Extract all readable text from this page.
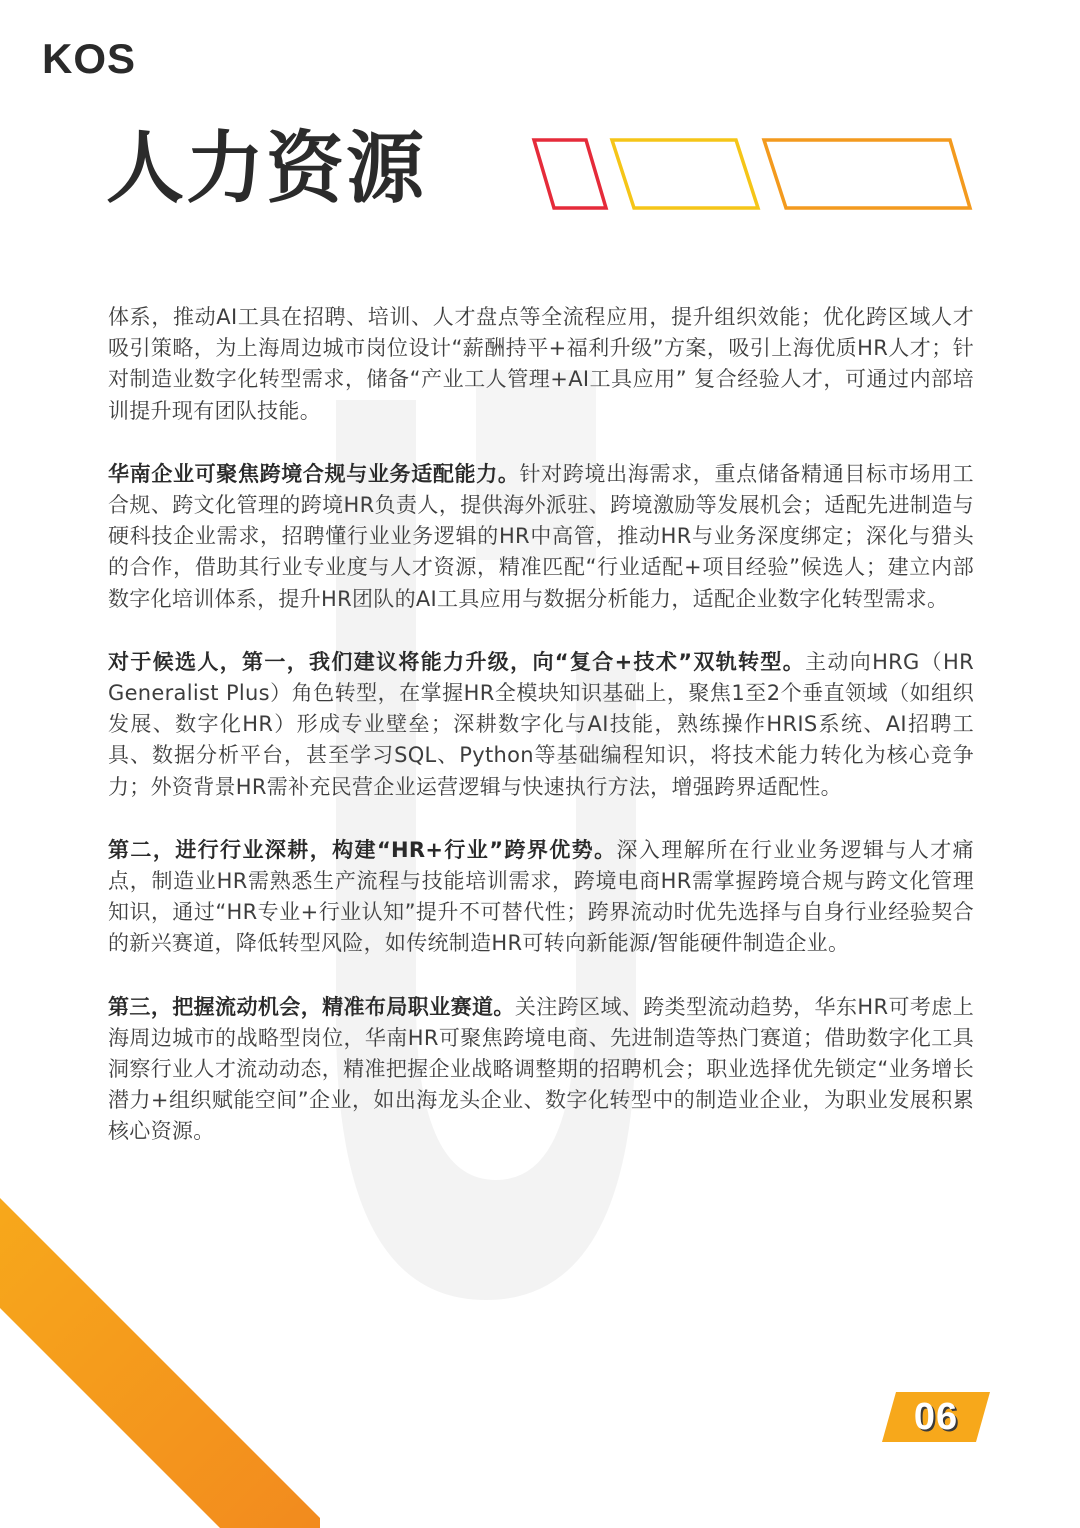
KOS
人力资源

体系，推动AI工具在招聘、培训、人才盘点等全流程应用，提升组织效能；优化跨区域人才吸引策略，为上海周边城市岗位设计“薪酬持平+福利升级”方案，吸引上海优质HR人才；针对制造业数字化转型需求，储备“产业工人管理+AI工具应用” 复合经验人才，可通过内部培训提升现有团队技能。

华南企业可聚焦跨境合规与业务适配能力。针对跨境出海需求，重点储备精通目标市场用工合规、跨文化管理的跨境HR负责人，提供海外派驻、跨境激励等发展机会；适配先进制造与硬科技企业需求，招聘懂行业业务逻辑的HR中高管，推动HR与业务深度绑定；深化与猎头的合作，借助其行业专业度与人才资源，精准匹配“行业适配+项目经验”候选人；建立内部数字化培训体系，提升HR团队的AI工具应用与数据分析能力，适配企业数字化转型需求。

对于候选人，第一，我们建议将能力升级，向“复合+技术”双轨转型。主动向HRG（HR Generalist Plus）角色转型，在掌握HR全模块知识基础上，聚焦1至2个垂直领域（如组织发展、数字化HR）形成专业壁垒；深耕数字化与AI技能，熟练操作HRIS系统、AI招聘工具、数据分析平台，甚至学习SQL、Python等基础编程知识，将技术能力转化为核心竞争力；外资背景HR需补充民营企业运营逻辑与快速执行方法，增强跨界适配性。

第二，进行行业深耕，构建“HR+行业”跨界优势。深入理解所在行业业务逻辑与人才痛点，制造业HR需熟悉生产流程与技能培训需求，跨境电商HR需掌握跨境合规与跨文化管理知识，通过“HR专业+行业认知”提升不可替代性；跨界流动时优先选择与自身行业经验契合的新兴赛道，降低转型风险，如传统制造HR可转向新能源/智能硬件制造企业。

第三，把握流动机会，精准布局职业赛道。关注跨区域、跨类型流动趋势，华东HR可考虑上海周边城市的战略型岗位，华南HR可聚焦跨境电商、先进制造等热门赛道；借助数字化工具洞察行业人才流动动态，精准把握企业战略调整期的招聘机会；职业选择优先锁定“业务增长潜力+组织赋能空间”企业，如出海龙头企业、数字化转型中的制造业企业，为职业发展积累核心资源。

06
